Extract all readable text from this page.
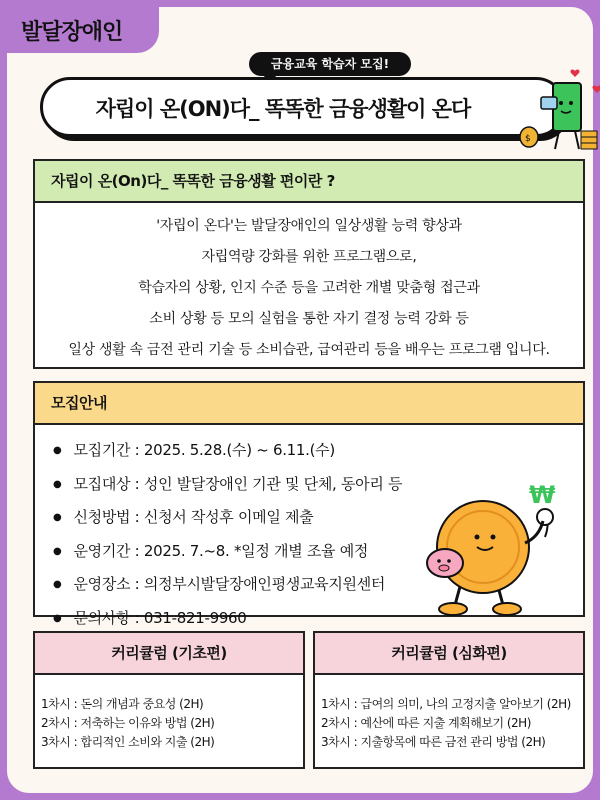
발달장애인
금융교육 학습자 모집!
자립이 온(ON)다_ 똑똑한 금융생활이 온다
$
자립이 온(On)다_ 똑똑한 금융생활 편이란 ?
'자립이 온다'는 발달장애인의 일상생활 능력 향상과
자립역량 강화를 위한 프로그램으로,
학습자의 상황, 인지 수준 등을 고려한 개별 맞춤형 접근과
소비 상황 등 모의 실험을 통한 자기 결정 능력 강화 등
일상 생활 속 금전 관리 기술 등 소비습관, 급여관리 등을 배우는 프로그램 입니다.
모집안내
● 모집기간 : 2025. 5.28.(수) ~ 6.11.(수)
● 모집대상 : 성인 발달장애인 기관 및 단체, 동아리 등
● 신청방법 : 신청서 작성후 이메일 제출
● 운영기간 : 2025. 7.~8. *일정 개별 조율 예정
● 운영장소 : 의정부시발달장애인평생교육지원센터
● 문의사항 : 031-821-9960
₩
커리큘럼 (기초편)
1차시 : 돈의 개념과 중요성 (2H)
2차시 : 저축하는 이유와 방법 (2H)
3차시 : 합리적인 소비와 지출 (2H)
커리큘럼 (심화편)
1차시 : 급여의 의미, 나의 고정지출 알아보기 (2H)
2차시 : 예산에 따른 지출 계획해보기 (2H)
3차시 : 지출항목에 따른 금전 관리 방법 (2H)
